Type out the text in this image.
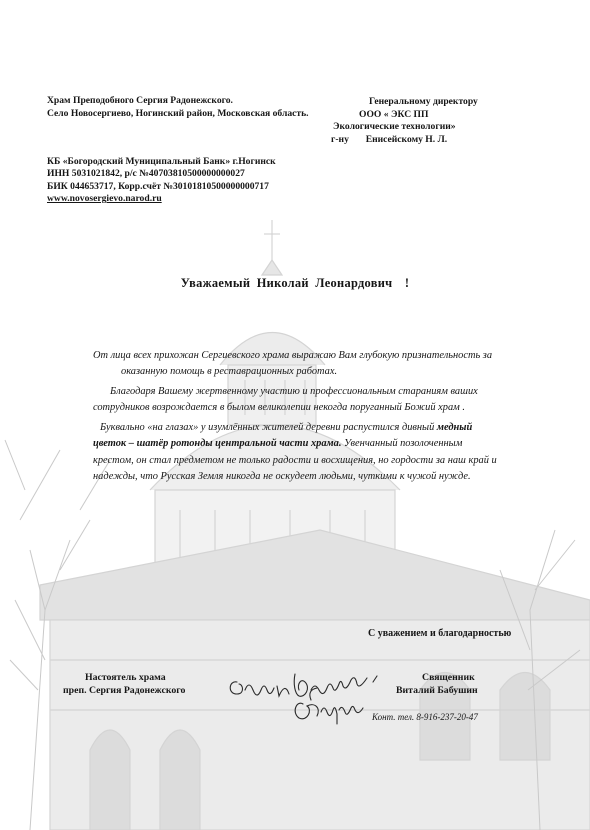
Храм Преподобного Сергия Радонежского.
Село Новосергиево, Ногинский район, Московская область.
Генеральному директору
ООО « ЭКС ПП
Экологические технологии»
г-ну Енисейскому Н. Л.
КБ «Богородский Муниципальный Банк» г.Ногинск
ИНН 5031021842, р/с №40703810500000000027
БИК 044653717, Корр.счёт №30101810500000000717
www.novosergievo.narod.ru
Уважаемый Николай Леонардович !
От лица всех прихожан Сергиевского храма выражаю Вам глубокую признательность за
оказанную помощь в реставрационных работах.
Благодаря Вашему жертвенному участию и профессиональным стараниям ваших
сотрудников возрождается в былом великолепии некогда поруганный Божий храм .
Буквально «на глазах» у изумлённых жителей деревни распустился дивный медный
цветок – шатёр ротонды центральной части храма. Увенчанный позолоченным
крестом, он стал предметом не только радости и восхищения, но гордости за наш край и
надежды, что Русская Земля никогда не оскудеет людьми, чуткими к чужой нужде.
С уважением и благодарностью
Настоятель храма
преп. Сергия Радонежского
Священник
Виталий Бабушин
Конт. тел. 8-916-237-20-47
